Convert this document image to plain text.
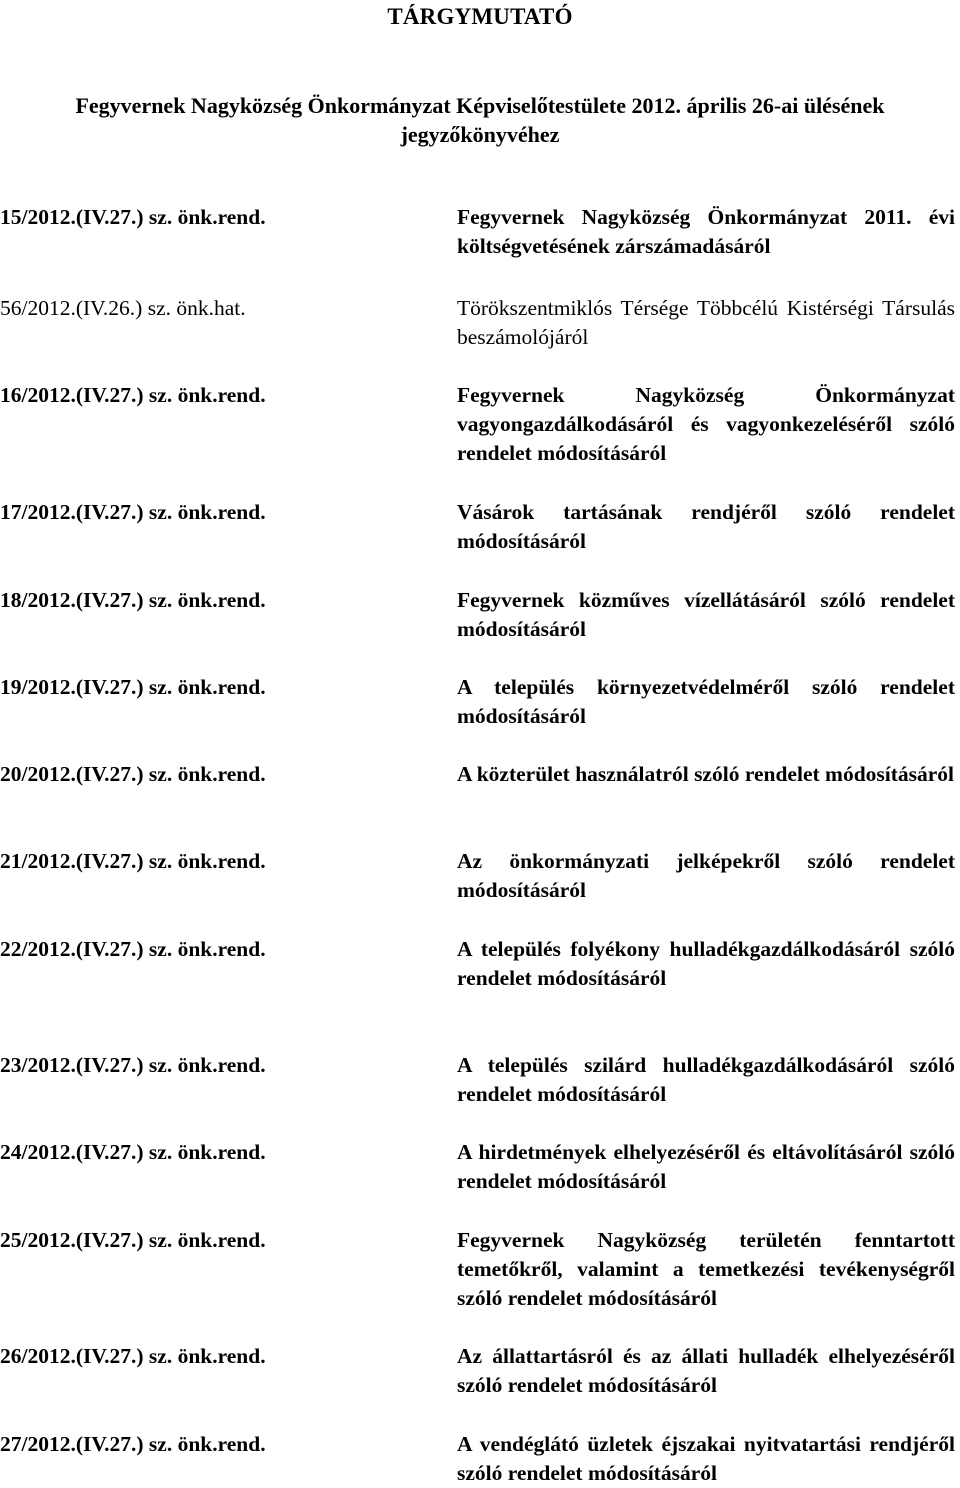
TÁRGYMUTATÓ
Fegyvernek Nagyközség Önkormányzat Képviselőtestülete 2012. április 26-ai ülésének
jegyzőkönyvéhez
15/2012.(IV.27.) sz. önk.rend.	Fegyvernek Nagyközség Önkormányzat 2011. évi költségvetésének zárszámadásáról
56/2012.(IV.26.) sz. önk.hat.	Törökszentmiklós Térsége Többcélú Kistérségi Társulás beszámolójáról
16/2012.(IV.27.) sz. önk.rend.	Fegyvernek Nagyközség Önkormányzat vagyongazdálkodásáról és vagyonkezeléséről szóló rendelet módosításáról
17/2012.(IV.27.) sz. önk.rend.	Vásárok tartásának rendjéről szóló rendelet módosításáról
18/2012.(IV.27.) sz. önk.rend.	Fegyvernek közműves vízellátásáról szóló rendelet módosításáról
19/2012.(IV.27.) sz. önk.rend.	A település környezetvédelméről szóló rendelet módosításáról
20/2012.(IV.27.) sz. önk.rend.	A közterület használatról szóló rendelet módosításáról
21/2012.(IV.27.) sz. önk.rend.	Az önkormányzati jelképekről szóló rendelet módosításáról
22/2012.(IV.27.) sz. önk.rend.	A település folyékony hulladékgazdálkodásáról szóló rendelet módosításáról
23/2012.(IV.27.) sz. önk.rend.	A település szilárd hulladékgazdálkodásáról szóló rendelet módosításáról
24/2012.(IV.27.) sz. önk.rend.	A hirdetmények elhelyezéséről és eltávolításáról szóló rendelet módosításáról
25/2012.(IV.27.) sz. önk.rend.	Fegyvernek Nagyközség területén fenntartott temetőkről, valamint a temetkezési tevékenységről szóló rendelet módosításáról
26/2012.(IV.27.) sz. önk.rend.	Az állattartásról és az állati hulladék elhelyezéséről szóló rendelet módosításáról
27/2012.(IV.27.) sz. önk.rend.	A vendéglátó üzletek éjszakai nyitvatartási rendjéről szóló rendelet módosításáról
